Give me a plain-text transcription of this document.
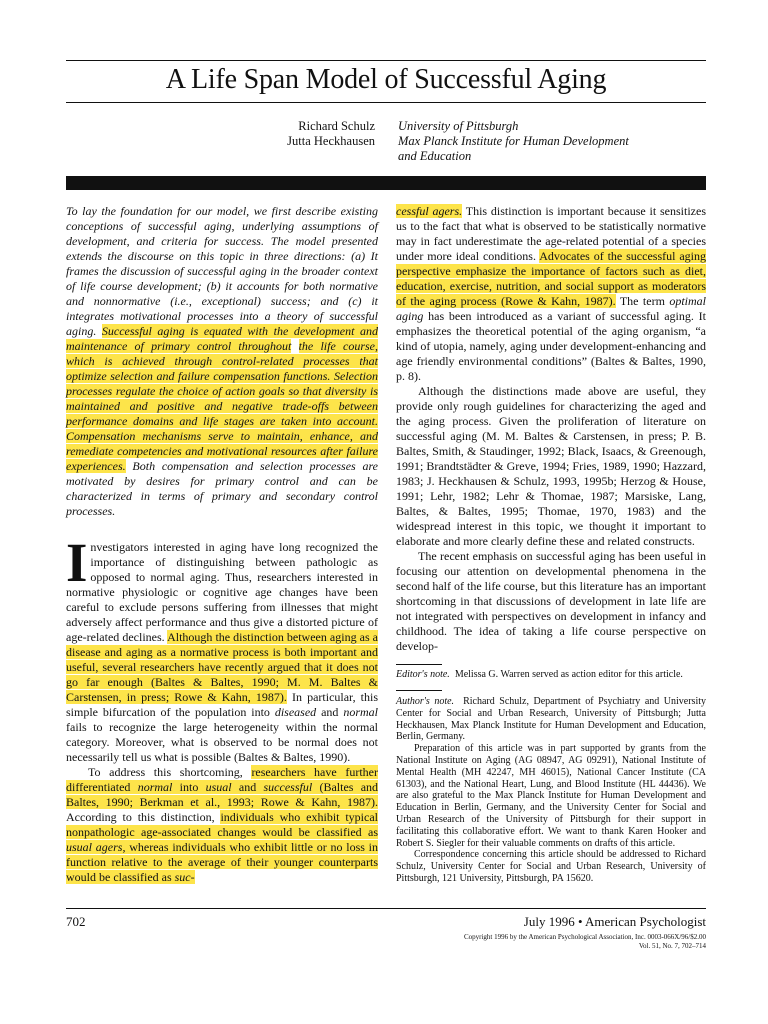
A Life Span Model of Successful Aging
Richard Schulz
Jutta Heckhausen
University of Pittsburgh
Max Planck Institute for Human Development
and Education
To lay the foundation for our model, we first describe existing conceptions of successful aging, underlying assumptions of development, and criteria for success. The model presented extends the discourse on this topic in three directions: (a) It frames the discussion of successful aging in the broader context of life course development; (b) it accounts for both normative and nonnormative (i.e., exceptional) success; and (c) it integrates motivational processes into a theory of successful aging. Successful aging is equated with the development and maintenance of primary control throughout the life course, which is achieved through control-related processes that optimize selection and failure compensation functions. Selection processes regulate the choice of action goals so that diversity is maintained and positive and negative trade-offs between performance domains and life stages are taken into account. Compensation mechanisms serve to maintain, enhance, and remediate competencies and motivational resources after failure experiences. Both compensation and selection processes are motivated by desires for primary control and can be characterized in terms of primary and secondary control processes.

Investigators interested in aging have long recognized the importance of distinguishing between pathologic as opposed to normal aging. Thus, researchers interested in normative physiologic or cognitive age changes have been careful to exclude persons suffering from illnesses that might adversely affect performance and thus give a distorted picture of age-related declines. Although the distinction between aging as a disease and aging as a normative process is both important and useful, several researchers have recently argued that it does not go far enough (Baltes & Baltes, 1990; M. M. Baltes & Carstensen, in press; Rowe & Kahn, 1987). In particular, this simple bifurcation of the population into diseased and normal fails to recognize the large heterogeneity within the normal category. Moreover, what is observed to be normal does not necessarily tell us what is possible (Baltes & Baltes, 1990).

To address this shortcoming, researchers have further differentiated normal into usual and successful (Baltes and Baltes, 1990; Berkman et al., 1993; Rowe & Kahn, 1987). According to this distinction, individuals who exhibit typical nonpathologic age-associated changes would be classified as usual agers, whereas individuals who exhibit little or no loss in function relative to the average of their younger counterparts would be classified as suc-

cessful agers. This distinction is important because it sensitizes us to the fact that what is observed to be statistically normative may in fact underestimate the age-related potential of a species under more ideal conditions. Advocates of the successful aging perspective emphasize the importance of factors such as diet, education, exercise, nutrition, and social support as moderators of the aging process (Rowe & Kahn, 1987). The term optimal aging has been introduced as a variant of successful aging. It emphasizes the theoretical potential of the aging organism, “a kind of utopia, namely, aging under development-enhancing and age friendly environmental conditions” (Baltes & Baltes, 1990, p. 8).

Although the distinctions made above are useful, they provide only rough guidelines for characterizing the aged and the aging process. Given the proliferation of literature on successful aging (M. M. Baltes & Carstensen, in press; P. B. Baltes, Smith, & Staudinger, 1992; Black, Isaacs, & Greenough, 1991; Brandtstädter & Greve, 1994; Fries, 1989, 1990; Hazzard, 1983; J. Heckhausen & Schulz, 1993, 1995b; Herzog & House, 1991; Lehr, 1982; Lehr & Thomae, 1987; Marsiske, Lang, Baltes, & Baltes, 1995; Thomae, 1970, 1983) and the widespread interest in this topic, we thought it important to elaborate and more clearly define these and related constructs.

The recent emphasis on successful aging has been useful in focusing our attention on developmental phenomena in the second half of the life course, but this literature has an important shortcoming in that discussions of development in late life are not integrated with perspectives on development in infancy and childhood. The idea of taking a life course perspective on develop-

Editor's note. Melissa G. Warren served as action editor for this article.

Author's note. Richard Schulz, Department of Psychiatry and University Center for Social and Urban Research, University of Pittsburgh; Jutta Heckhausen, Max Planck Institute for Human Development and Education, Berlin, Germany.

Preparation of this article was in part supported by grants from the National Institute on Aging (AG 08947, AG 09291), National Institute of Mental Health (MH 42247, MH 46015), National Cancer Institute (CA 61303), and the National Heart, Lung, and Blood Institute (HL 44436). We are also grateful to the Max Planck Institute for Human Development and Education in Berlin, Germany, and the University Center for Social and Urban Research of the University of Pittsburgh for their support in facilitating this collaborative effort. We want to thank Karen Hooker and Robert S. Siegler for their valuable comments on drafts of this article.

Correspondence concerning this article should be addressed to Richard Schulz, University Center for Social and Urban Research, University of Pittsburgh, 121 University, Pittsburgh, PA 15620.

702	July 1996 • American Psychologist
Copyright 1996 by the American Psychological Association, Inc. 0003-066X/96/$2.00
Vol. 51, No. 7, 702–714
